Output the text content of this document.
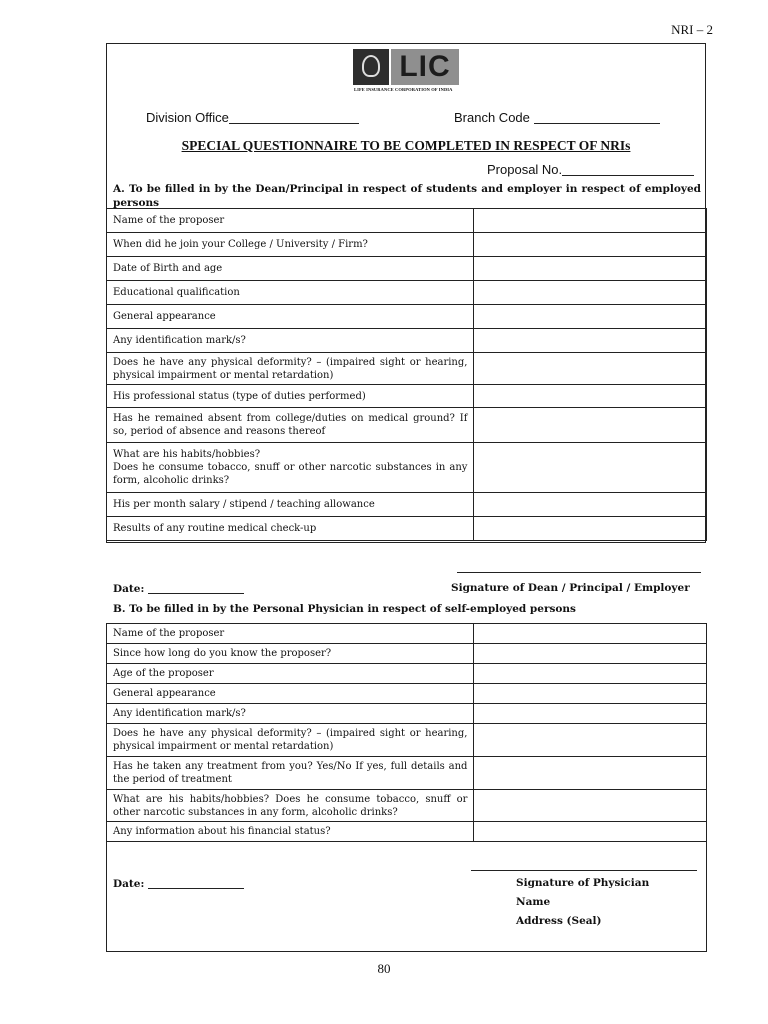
NRI – 2
LIC
LIFE INSURANCE CORPORATION OF INDIA
Division Office	Branch Code
SPECIAL QUESTIONNAIRE TO BE COMPLETED IN RESPECT OF NRIs
Proposal No.
A. To be filled in by the Dean/Principal in respect of students and employer in respect of employed persons
Name of the proposer	
When did he join your College / University / Firm?	
Date of Birth and age	
Educational qualification	
General appearance	
Any identification mark/s?	
Does he have any physical deformity? – (impaired sight or hearing, physical impairment or mental retardation)	
His professional status (type of duties performed)	
Has he remained absent from college/duties on medical ground? If so, period of absence and reasons thereof	
What are his habits/hobbies?
Does he consume tobacco, snuff or other narcotic substances in any form, alcoholic drinks?	
His per month salary / stipend / teaching allowance	
Results of any routine medical check-up	
Date:	Signature of Dean / Principal / Employer
B. To be filled in by the Personal Physician in respect of self-employed persons
Name of the proposer	
Since how long do you know the proposer?	
Age of the proposer	
General appearance	
Any identification mark/s?	
Does he have any physical deformity? – (impaired sight or hearing, physical impairment or mental retardation)	
Has he taken any treatment from you? Yes/No If yes, full details and the period of treatment	
What are his habits/hobbies? Does he consume tobacco, snuff or other narcotic substances in any form, alcoholic drinks?	
Any information about his financial status?	
Date:	Signature of Physician
Name
Address (Seal)
80
